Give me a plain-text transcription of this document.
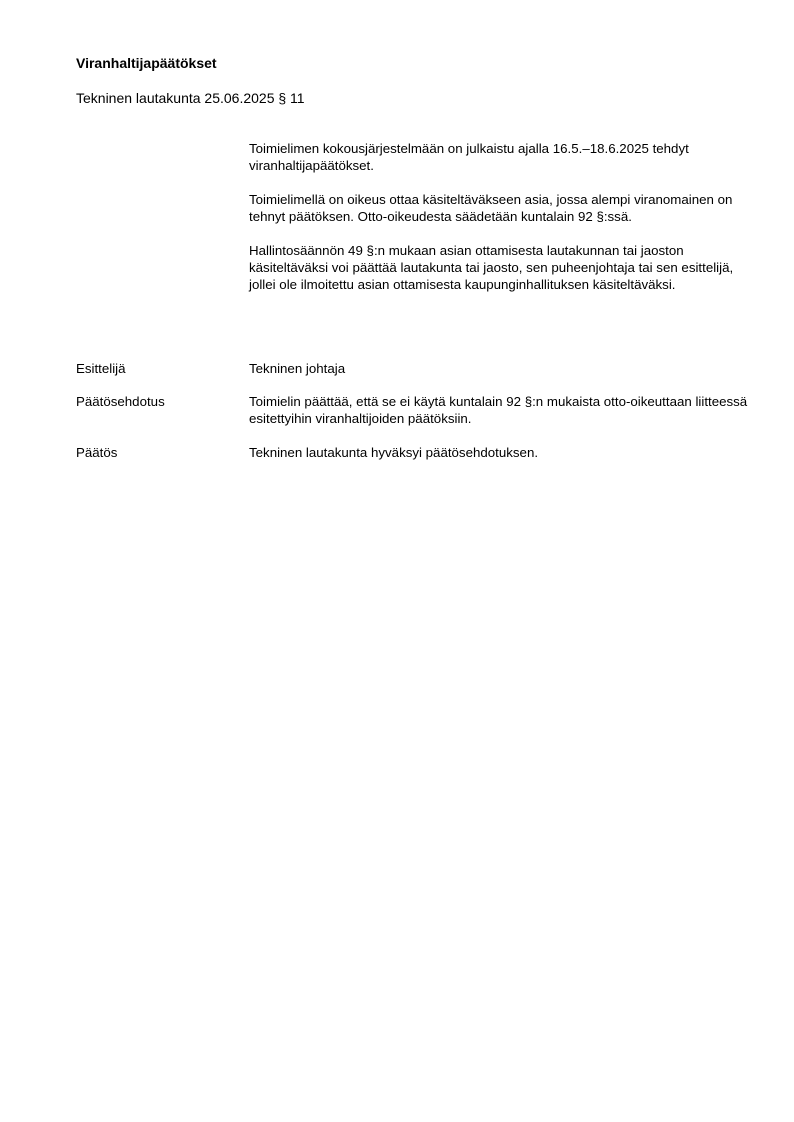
Viranhaltijapäätökset
Tekninen lautakunta 25.06.2025 § 11

Toimielimen kokousjärjestelmään on julkaistu ajalla 16.5.–18.6.2025 tehdyt viranhaltijapäätökset.

Toimielimellä on oikeus ottaa käsiteltäväkseen asia, jossa alempi viranomainen on tehnyt päätöksen. Otto-oikeudesta säädetään kuntalain 92 §:ssä.

Hallintosäännön 49 §:n mukaan asian ottamisesta lautakunnan tai jaoston käsiteltäväksi voi päättää lautakunta tai jaosto, sen puheenjohtaja tai sen esittelijä, jollei ole ilmoitettu asian ottamisesta kaupunginhallituksen käsiteltäväksi.

Esittelijä	Tekninen johtaja
Päätösehdotus	Toimielin päättää, että se ei käytä kuntalain 92 §:n mukaista otto-oikeuttaan liitteessä esitettyihin viranhaltijoiden päätöksiin.
Päätös	Tekninen lautakunta hyväksyi päätösehdotuksen.
